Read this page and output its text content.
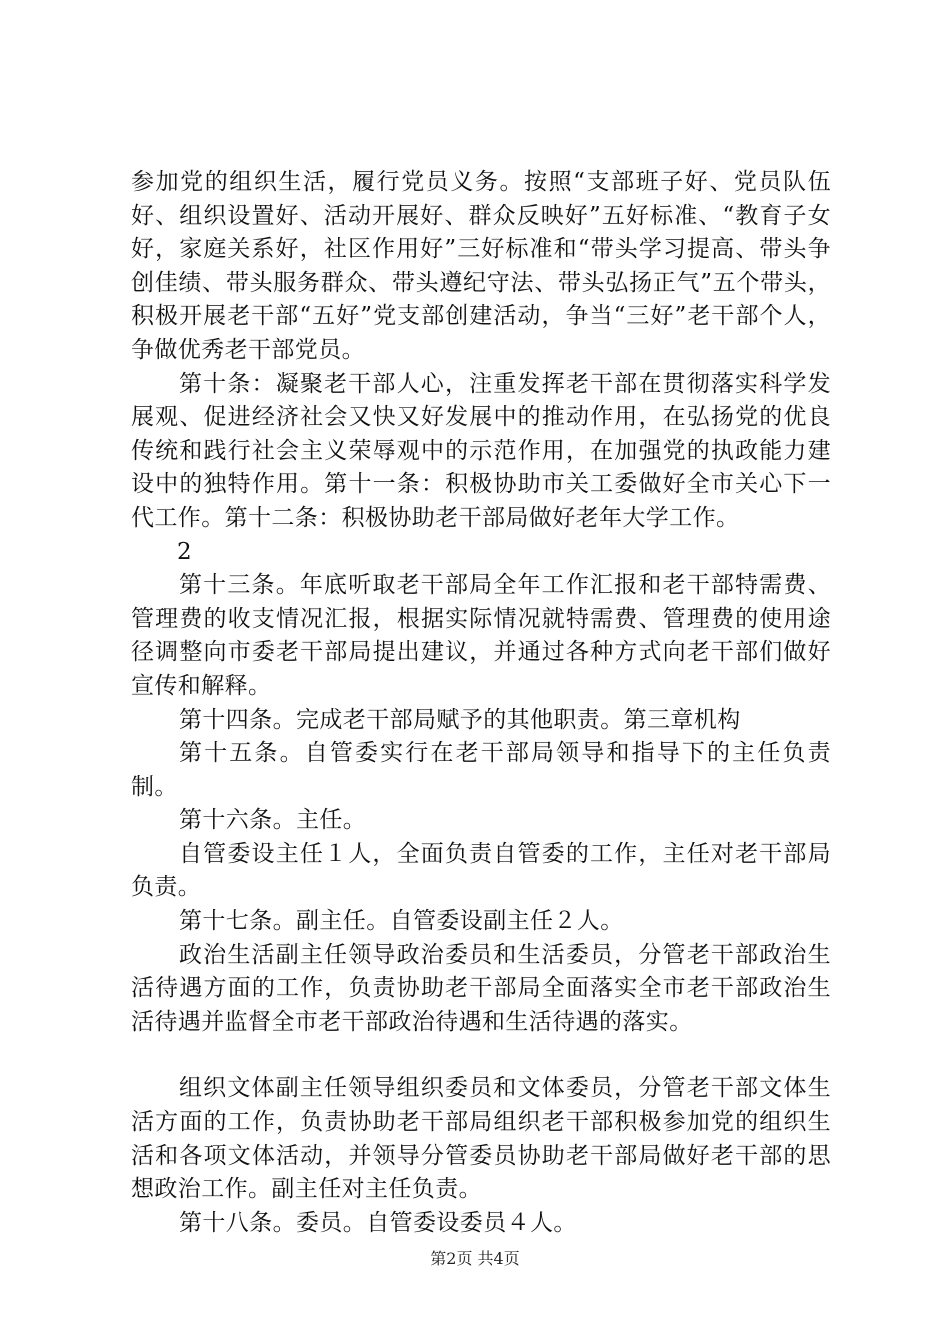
参加党的组织生活，履行党员义务。按照“支部班子好、党员队伍好、组织设置好、活动开展好、群众反映好”五好标准、“教育子女好，家庭关系好，社区作用好”三好标准和“带头学习提高、带头争创佳绩、带头服务群众、带头遵纪守法、带头弘扬正气”五个带头，积极开展老干部“五好”党支部创建活动，争当“三好”老干部个人，争做优秀老干部党员。

第十条：凝聚老干部人心，注重发挥老干部在贯彻落实科学发展观、促进经济社会又快又好发展中的推动作用，在弘扬党的优良传统和践行社会主义荣辱观中的示范作用，在加强党的执政能力建设中的独特作用。第十一条：积极协助市关工委做好全市关心下一代工作。第十二条：积极协助老干部局做好老年大学工作。

2

第十三条。年底听取老干部局全年工作汇报和老干部特需费、管理费的收支情况汇报，根据实际情况就特需费、管理费的使用途径调整向市委老干部局提出建议，并通过各种方式向老干部们做好宣传和解释。

第十四条。完成老干部局赋予的其他职责。第三章机构

第十五条。自管委实行在老干部局领导和指导下的主任负责制。

第十六条。主任。

自管委设主任１人，全面负责自管委的工作，主任对老干部局负责。

第十七条。副主任。自管委设副主任２人。

政治生活副主任领导政治委员和生活委员，分管老干部政治生活待遇方面的工作，负责协助老干部局全面落实全市老干部政治生活待遇并监督全市老干部政治待遇和生活待遇的落实。

组织文体副主任领导组织委员和文体委员，分管老干部文体生活方面的工作，负责协助老干部局组织老干部积极参加党的组织生活和各项文体活动，并领导分管委员协助老干部局做好老干部的思想政治工作。副主任对主任负责。

第十八条。委员。自管委设委员４人。

第2页 共4页
